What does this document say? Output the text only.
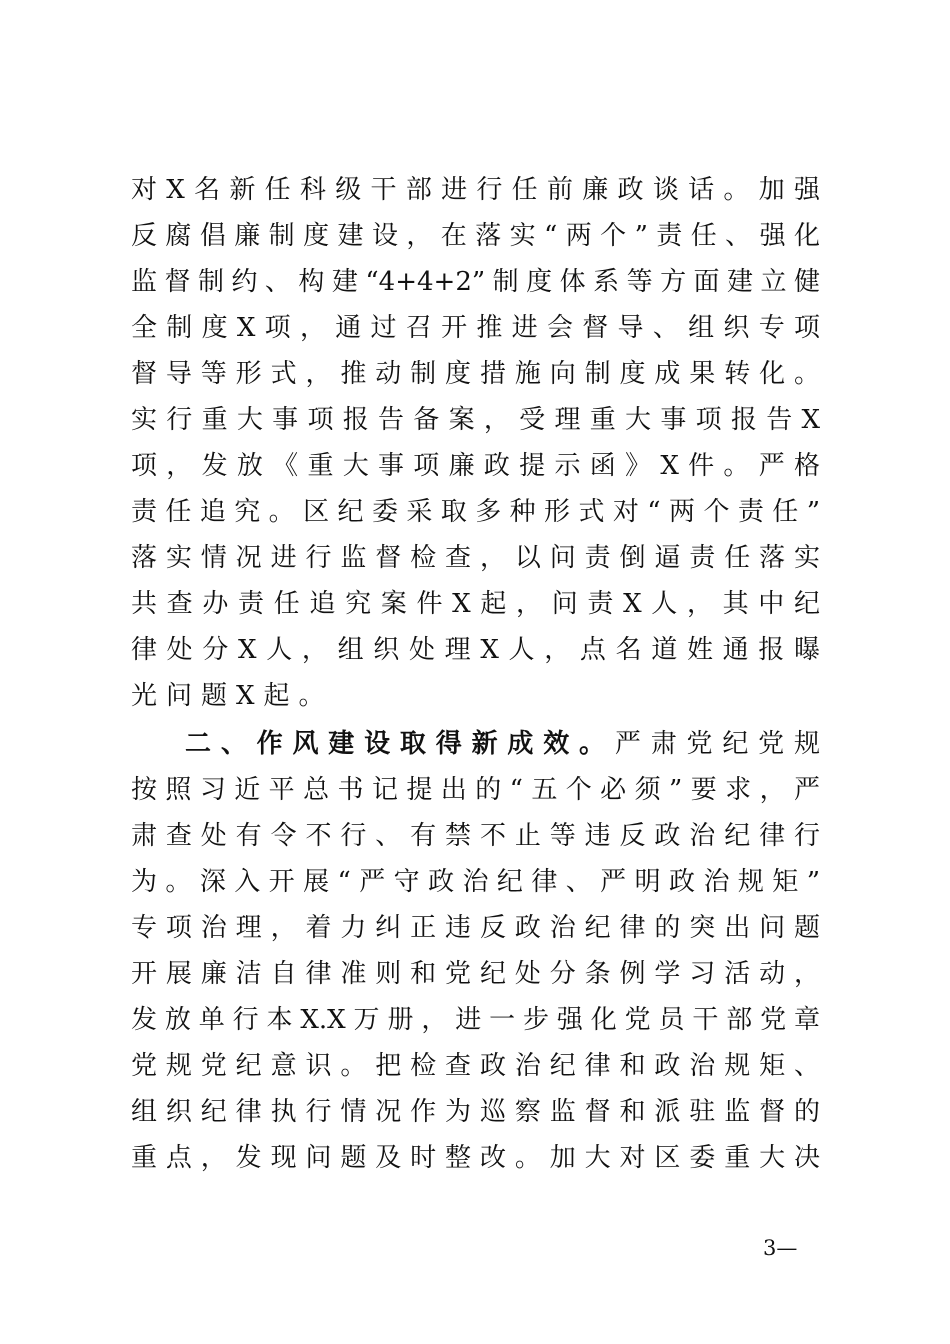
对X名新任科级干部进行任前廉政谈话。加强
反腐倡廉制度建设，在落实“两个”责任、强化
监督制约、构建“4+4+2”制度体系等方面建立健
全制度X项，通过召开推进会督导、组织专项
督导等形式，推动制度措施向制度成果转化。
实行重大事项报告备案，受理重大事项报告X
项，发放《重大事项廉政提示函》X件。严格
责任追究。区纪委采取多种形式对“两个责任”
落实情况进行监督检查，以问责倒逼责任落实
共查办责任追究案件X起，问责X人，其中纪
律处分X人，组织处理X人，点名道姓通报曝
光问题X起。
二、作风建设取得新成效。严肃党纪党规
按照习近平总书记提出的“五个必须”要求，严
肃查处有令不行、有禁不止等违反政治纪律行
为。深入开展“严守政治纪律、严明政治规矩”
专项治理，着力纠正违反政治纪律的突出问题
开展廉洁自律准则和党纪处分条例学习活动，
发放单行本X.X万册，进一步强化党员干部党章
党规党纪意识。把检查政治纪律和政治规矩、
组织纪律执行情况作为巡察监督和派驻监督的
重点，发现问题及时整改。加大对区委重大决
3—
